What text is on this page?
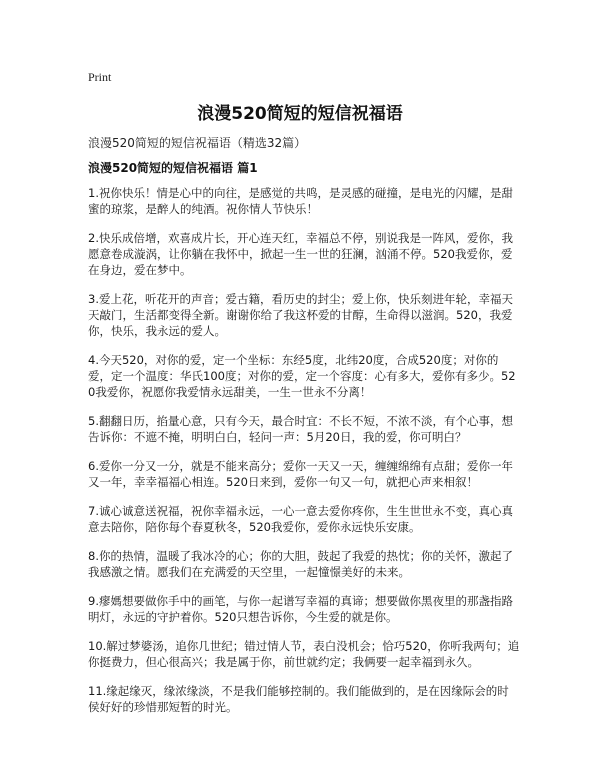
Print
浪漫520简短的短信祝福语
浪漫520简短的短信祝福语（精选32篇）
浪漫520简短的短信祝福语 篇1

1.祝你快乐！情是心中的向往，是感觉的共鸣，是灵感的碰撞，是电光的闪耀，是甜蜜的琼浆，是醉人的纯酒。祝你情人节快乐！

2.快乐成倍增，欢喜成片长，开心连天红，幸福总不停，别说我是一阵风，爱你，我愿意卷成漩涡，让你躺在我怀中，掀起一生一世的狂澜，汹涌不停。520我爱你，爱在身边，爱在梦中。

3.爱上花，听花开的声音；爱古籍，看历史的封尘；爱上你，快乐刻进年轮，幸福天天敲门，生活都变得全新。谢谢你给了我这杯爱的甘醇，生命得以滋润。520，我爱你，快乐，我永远的爱人。

4.今天520，对你的爱，定一个坐标：东经5度，北纬20度，合成520度；对你的爱，定一个温度：华氏100度；对你的爱，定一个容度：心有多大，爱你有多少。520我爱你，祝愿你我爱情永远甜美，一生一世永不分离！

5.翻翻日历，掐量心意，只有今天，最合时宜：不长不短，不浓不淡，有个心事，想告诉你：不遮不掩，明明白白，轻问一声：5月20日，我的爱，你可明白？

6.爱你一分又一分，就是不能来高分；爱你一天又一天，缠缠绵绵有点甜；爱你一年又一年，幸幸福福心相连。520日来到，爱你一句又一句，就把心声来相叙！

7.诚心诚意送祝福，祝你幸福永远，一心一意去爱你疼你，生生世世永不变，真心真意去陪你，陪你每个春夏秋冬，520我爱你，爱你永远快乐安康。

8.你的热情，温暖了我冰冷的心；你的大胆，鼓起了我爱的热忱；你的关怀，激起了我感激之情。愿我们在充满爱的天空里，一起憧憬美好的未来。

9.瘳媽想要做你手中的画笔，与你一起谱写幸福的真谛；想要做你黑夜里的那盏指路明灯，永远的守护着你。520只想告诉你，今生爱的就是你。

10.解过梦婆汤，追你几世纪；错过情人节，表白没机会；恰巧520，你听我两句；追你挺费力，但心很高兴；我是属于你，前世就约定；我俩要一起幸福到永久。

11.缘起缘灭，缘浓缘淡，不是我们能够控制的。我们能做到的，是在因缘际会的时侯好好的珍惜那短暂的时光。
